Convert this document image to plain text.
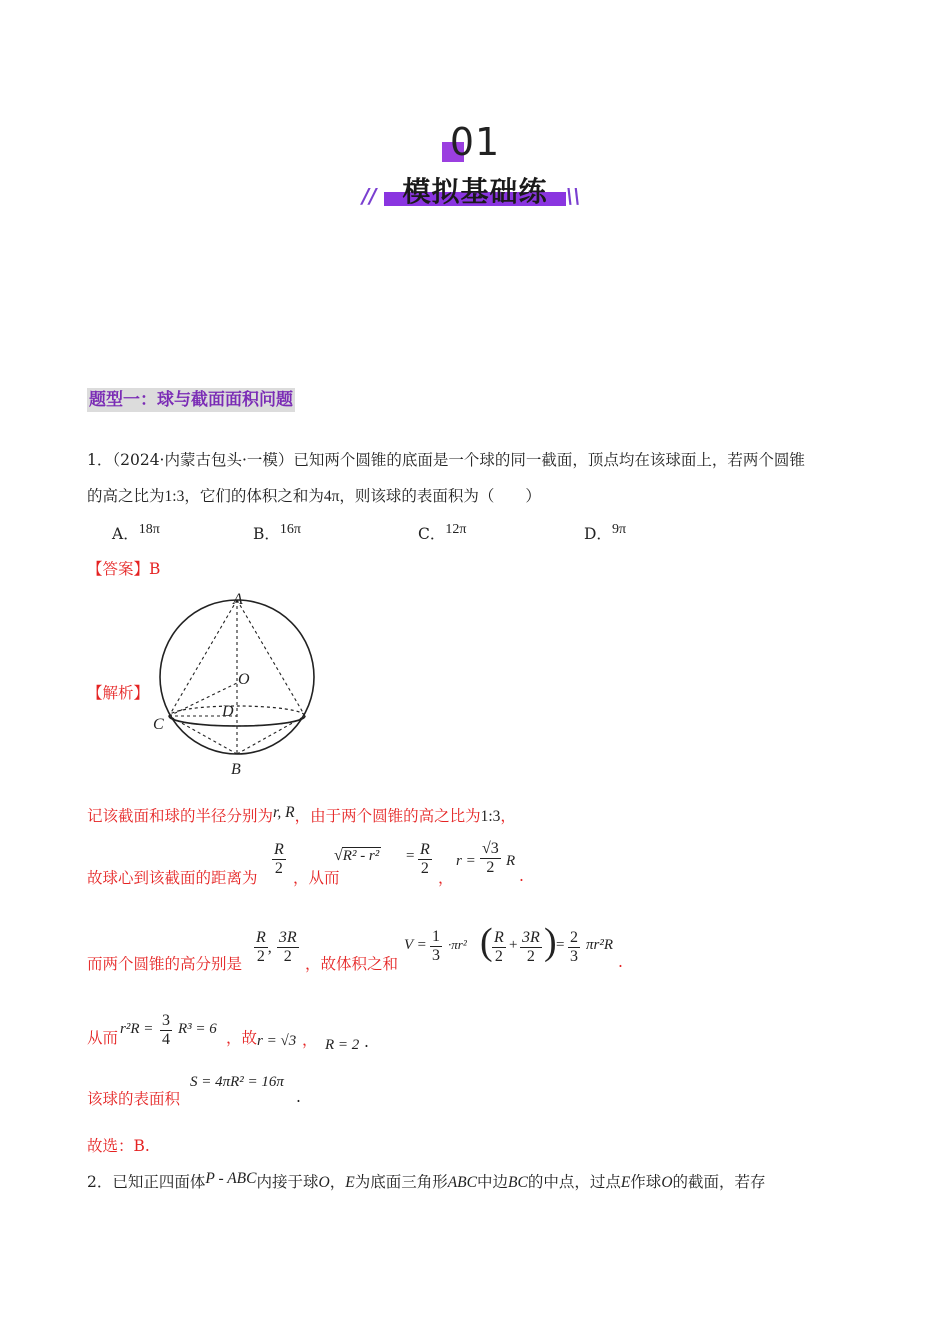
01
模拟基础练
//	\\
题型一：球与截面面积问题
1．（2024·内蒙古包头·一模）已知两个圆锥的底面是一个球的同一截面，顶点均在该球面上，若两个圆锥
的高之比为1:3，它们的体积之和为4π，则该球的表面积为（　　）
A．18π	B．16π	C．12π	D．9π
【答案】B
【解析】
A
O
D
C
B
记该截面和球的半径分别为r, R，由于两个圆锥的高之比为1:3，
故球心到该截面的距离为 $\frac{R}{2}$ ，从而
$√R^2 - r^2 = \frac{R}{2}$ ，
$r = \frac{√3}{2}$ R
.
而两个圆锥的高分别是 $\frac{R}{2}$ , $\frac{3R}{2}$ ，故体积之和
$V = \frac{1}{3} \cdot\pi r^2$ ( $\frac{R}{2} + \frac{3R}{2}$ ) = $\frac{2}{3} \pi r^2R$
.
从而 $r^2R = \frac{3}{4} R^3 = 6$ ，故 r = √3 ， R = 2 .
该球的表面积
S = 4πR² = 16π
.
故选：B.
2．已知正四面体P - ABC内接于球O，E为底面三角形ABC中边BC的中点，过点E作球O的截面，若存
